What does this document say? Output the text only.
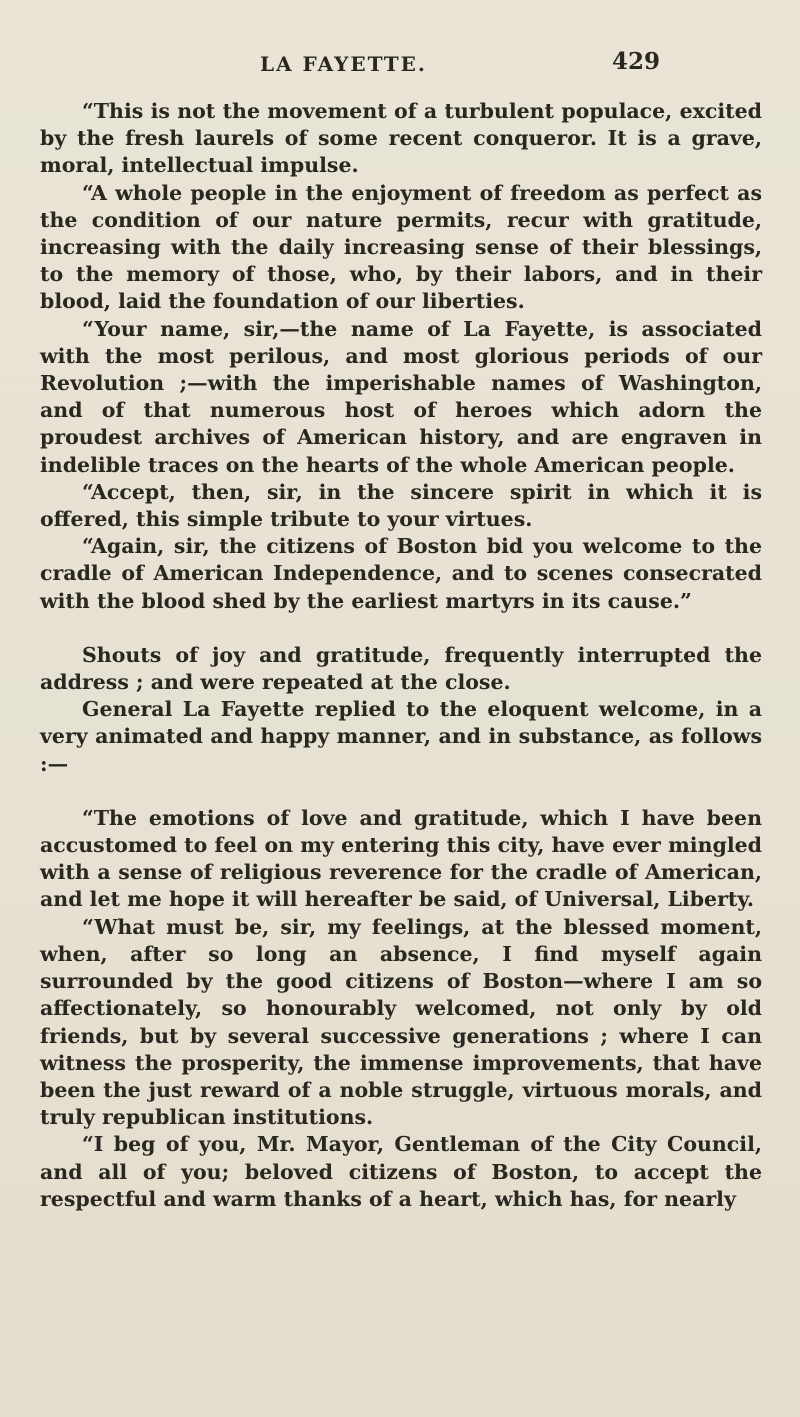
LA FAYETTE.	429

“This is not the movement of a turbulent populace, excited by the fresh laurels of some recent conqueror. It is a grave, moral, intellectual impulse.

“A whole people in the enjoyment of freedom as perfect as the condition of our nature permits, recur with gratitude, increasing with the daily increasing sense of their blessings, to the memory of those, who, by their labors, and in their blood, laid the foundation of our liberties.

“Your name, sir,—the name of La Fayette, is associated with the most perilous, and most glorious periods of our Revolution ;—with the imperishable names of Washington, and of that numerous host of heroes which adorn the proudest archives of American history, and are engraven in indelible traces on the hearts of the whole American people.

“Accept, then, sir, in the sincere spirit in which it is offered, this simple tribute to your virtues.

“Again, sir, the citizens of Boston bid you welcome to the cradle of American Independence, and to scenes consecrated with the blood shed by the earliest martyrs in its cause.”

Shouts of joy and gratitude, frequently interrupted the address ; and were repeated at the close.

General La Fayette replied to the eloquent welcome, in a very animated and happy manner, and in substance, as follows :—

“The emotions of love and gratitude, which I have been accustomed to feel on my entering this city, have ever mingled with a sense of religious reverence for the cradle of American, and let me hope it will hereafter be said, of Universal, Liberty.

“What must be, sir, my feelings, at the blessed moment, when, after so long an absence, I find myself again surrounded by the good citizens of Boston—where I am so affectionately, so honourably welcomed, not only by old friends, but by several successive generations ; where I can witness the prosperity, the immense improvements, that have been the just reward of a noble struggle, virtuous morals, and truly republican institutions.

“I beg of you, Mr. Mayor, Gentleman of the City Council, and all of you; beloved citizens of Boston, to accept the respectful and warm thanks of a heart, which has, for nearly
